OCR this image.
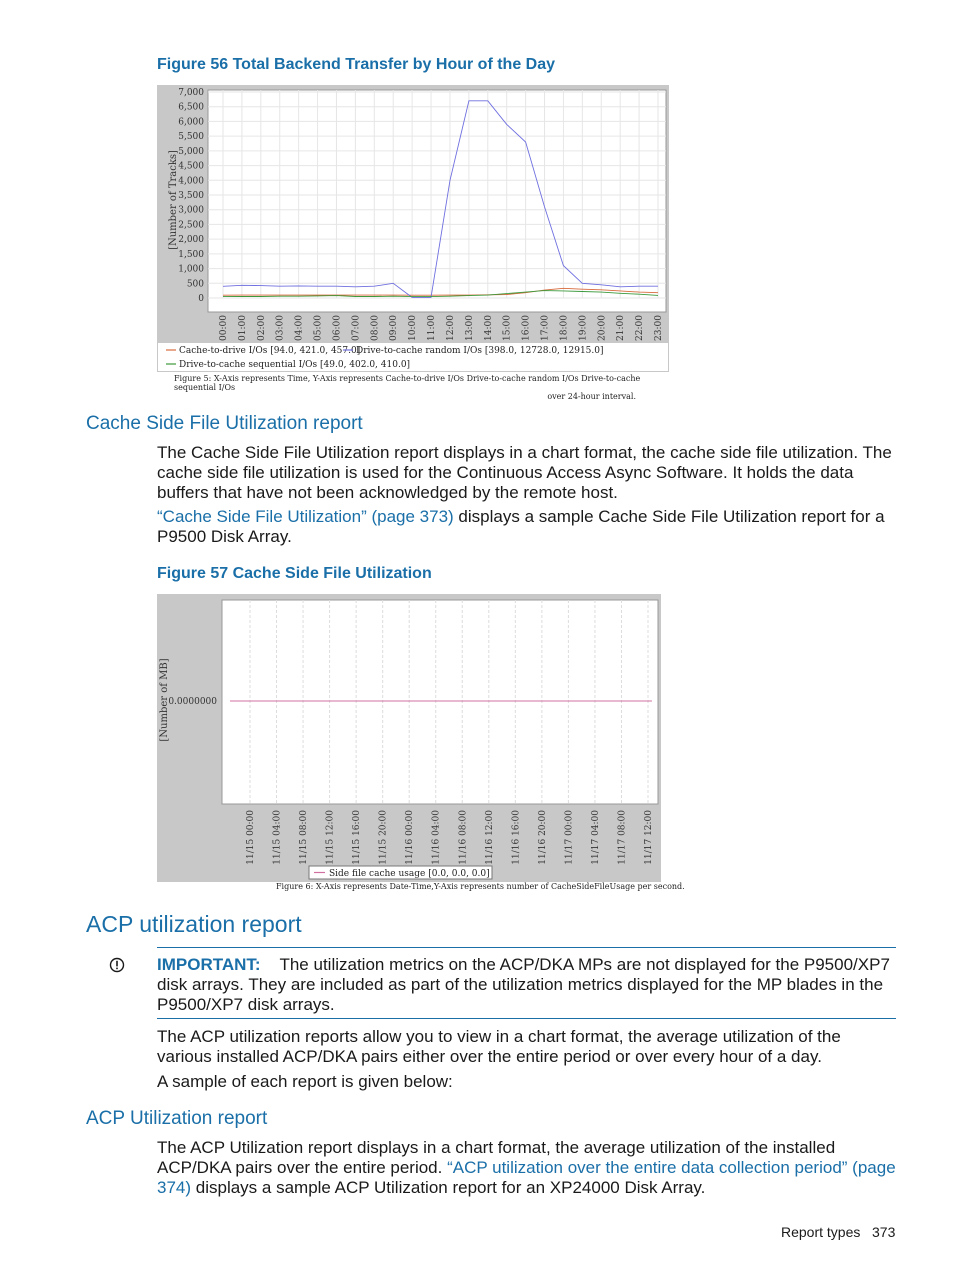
Figure 56 Total Backend Transfer by Hour of the Day
0
500
1,000
1,500
2,000
2,500
3,000
3,500
4,000
4,500
5,000
5,500
6,000
6,500
7,000
00:00 01:00 02:00 03:00 04:00 05:00 06:00 07:00 08:00 09:00 10:00 11:00 12:00 13:00 14:00 15:00 16:00 17:00 18:00 19:00 20:00 21:00 22:00 23:00
[Number of Tracks]
Cache-to-drive I/Os [94.0, 421.0, 457.0]
Drive-to-cache random I/Os [398.0, 12728.0, 12915.0]
Drive-to-cache sequential I/Os [49.0, 402.0, 410.0]
Figure 5: X-Axis represents Time, Y-Axis represents Cache-to-drive I/Os Drive-to-cache random I/Os Drive-to-cache sequential I/Os
over 24-hour interval.
Cache Side File Utilization report
The Cache Side File Utilization report displays in a chart format, the cache side file utilization. The cache side file utilization is used for the Continuous Access Async Software. It holds the data buffers that have not been acknowledged by the remote host.
“Cache Side File Utilization” (page 373) displays a sample Cache Side File Utilization report for a P9500 Disk Array.
Figure 57 Cache Side File Utilization
11/15 00:00 11/15 04:00 11/15 08:00 11/15 12:00 11/15 16:00 11/15 20:00 11/16 00:00 11/16 04:00 11/16 08:00 11/16 12:00 11/16 16:00 11/16 20:00 11/17 00:00 11/17 04:00 11/17 08:00 11/17 12:00
0.0000000
[Number of MB]
Side file cache usage [0.0, 0.0, 0.0]
Figure 6: X-Axis represents Date-Time,Y-Axis represents number of CacheSideFileUsage per second.
ACP utilization report
IMPORTANT: The utilization metrics on the ACP/DKA MPs are not displayed for the P9500/XP7 disk arrays. They are included as part of the utilization metrics displayed for the MP blades in the P9500/XP7 disk arrays.
The ACP utilization reports allow you to view in a chart format, the average utilization of the various installed ACP/DKA pairs either over the entire period or over every hour of a day.
A sample of each report is given below:
ACP Utilization report
The ACP Utilization report displays in a chart format, the average utilization of the installed ACP/DKA pairs over the entire period. “ACP utilization over the entire data collection period” (page 374) displays a sample ACP Utilization report for an XP24000 Disk Array.
Report types 373
